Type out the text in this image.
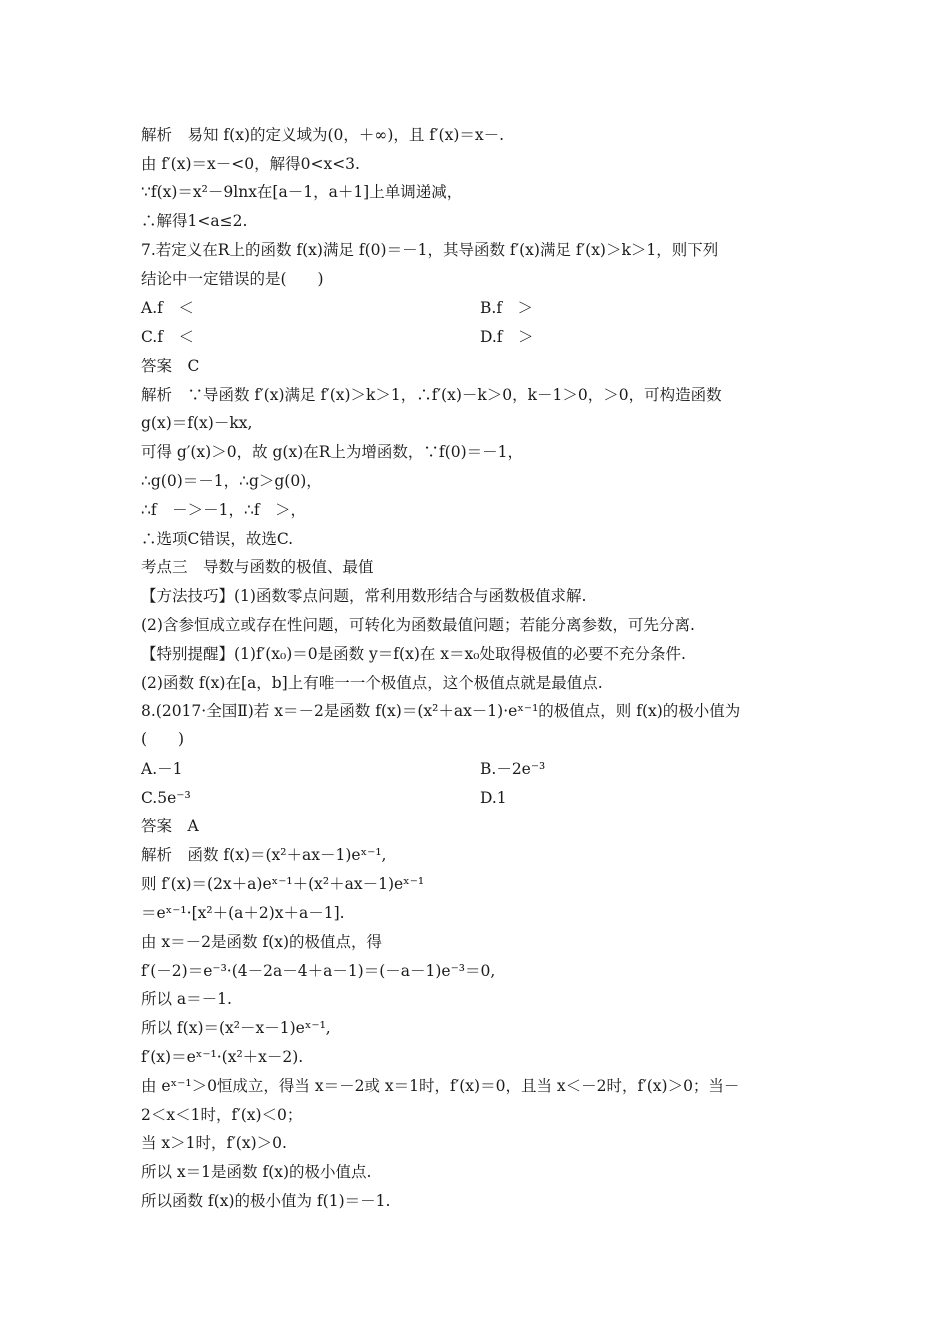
解析　易知 f(x)的定义域为(0，＋∞)，且 f′(x)＝x－.
由 f′(x)＝x－<0，解得0<x<3.
∵f(x)＝x²－9lnx在[a－1，a＋1]上单调递减，
∴解得1<a≤2.
7.若定义在R上的函数 f(x)满足 f(0)＝－1，其导函数 f′(x)满足 f′(x)＞k＞1，则下列
结论中一定错误的是(　　)
A.f　＜	B.f　＞
C.f　＜	D.f　＞
答案　C
解析　∵导函数 f′(x)满足 f′(x)＞k＞1，∴f′(x)－k＞0，k－1＞0，＞0，可构造函数
g(x)＝f(x)－kx,
可得 g′(x)＞0，故 g(x)在R上为增函数，∵f(0)＝－1，
∴g(0)＝－1，∴g＞g(0)，
∴f　－＞－1，∴f　＞，
∴选项C错误，故选C.
考点三　导数与函数的极值、最值
【方法技巧】(1)函数零点问题，常利用数形结合与函数极值求解.
(2)含参恒成立或存在性问题，可转化为函数最值问题；若能分离参数，可先分离.
【特别提醒】(1)f′(x₀)＝0是函数 y＝f(x)在 x＝x₀处取得极值的必要不充分条件.
(2)函数 f(x)在[a，b]上有唯一一个极值点，这个极值点就是最值点.
8.(2017·全国Ⅱ)若 x＝－2是函数 f(x)＝(x²＋ax－1)·eˣ⁻¹的极值点，则 f(x)的极小值为
(　　)
A.－1	B.－2e⁻³
C.5e⁻³	D.1
答案　A
解析　函数 f(x)＝(x²＋ax－1)eˣ⁻¹,
则 f′(x)＝(2x＋a)eˣ⁻¹＋(x²＋ax－1)eˣ⁻¹
＝eˣ⁻¹·[x²＋(a＋2)x＋a－1].
由 x＝－2是函数 f(x)的极值点，得
f′(－2)＝e⁻³·(4－2a－4＋a－1)＝(－a－1)e⁻³＝0,
所以 a＝－1.
所以 f(x)＝(x²－x－1)eˣ⁻¹,
f′(x)＝eˣ⁻¹·(x²＋x－2).
由 eˣ⁻¹＞0恒成立，得当 x＝－2或 x＝1时，f′(x)＝0，且当 x＜－2时，f′(x)＞0；当－
2＜x＜1时，f′(x)＜0；
当 x＞1时，f′(x)＞0.
所以 x＝1是函数 f(x)的极小值点.
所以函数 f(x)的极小值为 f(1)＝－1.
